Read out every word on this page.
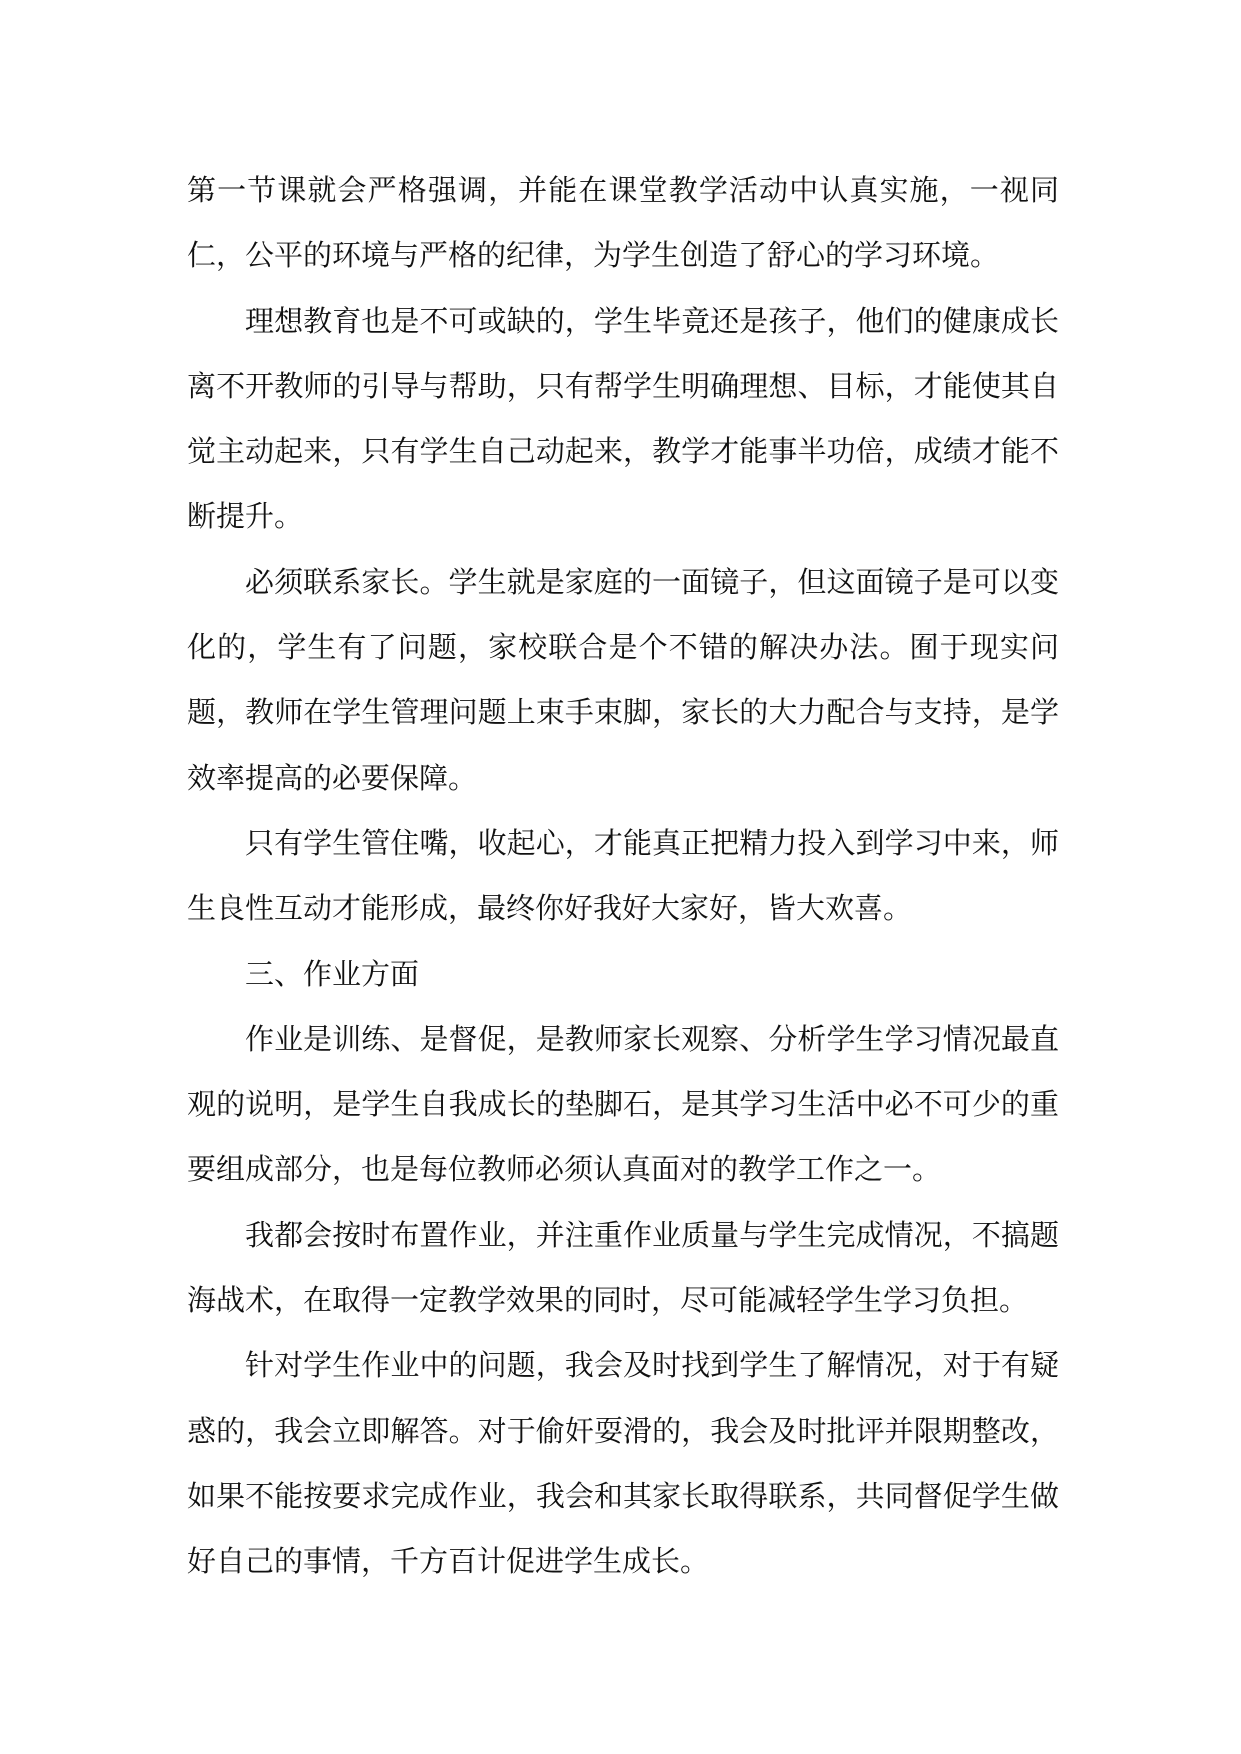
第一节课就会严格强调，并能在课堂教学活动中认真实施，一视同仁，公平的环境与严格的纪律，为学生创造了舒心的学习环境。

理想教育也是不可或缺的，学生毕竟还是孩子，他们的健康成长离不开教师的引导与帮助，只有帮学生明确理想、目标，才能使其自觉主动起来，只有学生自己动起来，教学才能事半功倍，成绩才能不断提升。

必须联系家长。学生就是家庭的一面镜子，但这面镜子是可以变化的，学生有了问题，家校联合是个不错的解决办法。囿于现实问题，教师在学生管理问题上束手束脚，家长的大力配合与支持，是学效率提高的必要保障。

只有学生管住嘴，收起心，才能真正把精力投入到学习中来，师生良性互动才能形成，最终你好我好大家好，皆大欢喜。

三、作业方面

作业是训练、是督促，是教师家长观察、分析学生学习情况最直观的说明，是学生自我成长的垫脚石，是其学习生活中必不可少的重要组成部分，也是每位教师必须认真面对的教学工作之一。

我都会按时布置作业，并注重作业质量与学生完成情况，不搞题海战术，在取得一定教学效果的同时，尽可能减轻学生学习负担。

针对学生作业中的问题，我会及时找到学生了解情况，对于有疑惑的，我会立即解答。对于偷奸耍滑的，我会及时批评并限期整改，如果不能按要求完成作业，我会和其家长取得联系，共同督促学生做好自己的事情，千方百计促进学生成长。
